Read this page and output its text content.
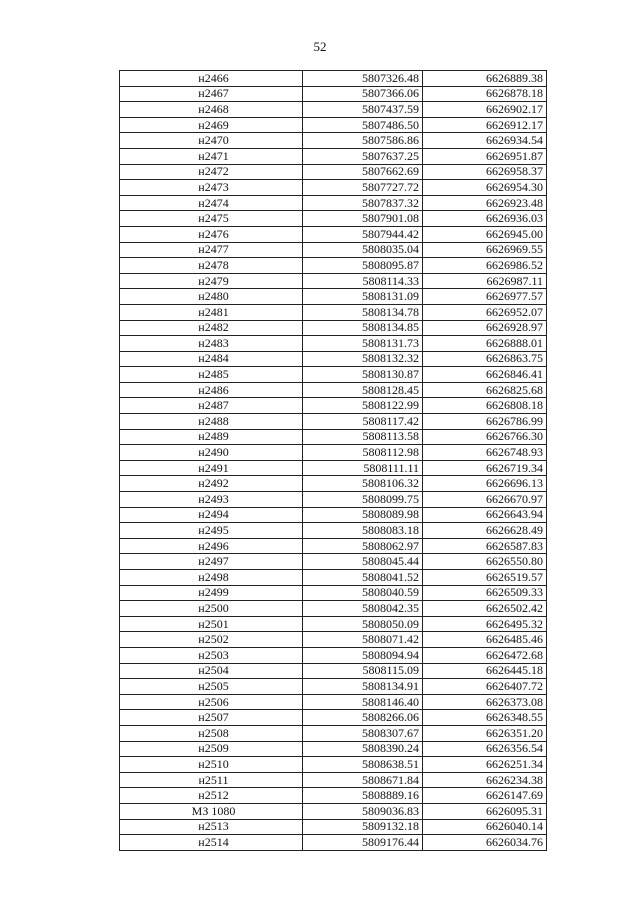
52
н2466	5807326.48	6626889.38
н2467	5807366.06	6626878.18
н2468	5807437.59	6626902.17
н2469	5807486.50	6626912.17
н2470	5807586.86	6626934.54
н2471	5807637.25	6626951.87
н2472	5807662.69	6626958.37
н2473	5807727.72	6626954.30
н2474	5807837.32	6626923.48
н2475	5807901.08	6626936.03
н2476	5807944.42	6626945.00
н2477	5808035.04	6626969.55
н2478	5808095.87	6626986.52
н2479	5808114.33	6626987.11
н2480	5808131.09	6626977.57
н2481	5808134.78	6626952.07
н2482	5808134.85	6626928.97
н2483	5808131.73	6626888.01
н2484	5808132.32	6626863.75
н2485	5808130.87	6626846.41
н2486	5808128.45	6626825.68
н2487	5808122.99	6626808.18
н2488	5808117.42	6626786.99
н2489	5808113.58	6626766.30
н2490	5808112.98	6626748.93
н2491	5808111.11	6626719.34
н2492	5808106.32	6626696.13
н2493	5808099.75	6626670.97
н2494	5808089.98	6626643.94
н2495	5808083.18	6626628.49
н2496	5808062.97	6626587.83
н2497	5808045.44	6626550.80
н2498	5808041.52	6626519.57
н2499	5808040.59	6626509.33
н2500	5808042.35	6626502.42
н2501	5808050.09	6626495.32
н2502	5808071.42	6626485.46
н2503	5808094.94	6626472.68
н2504	5808115.09	6626445.18
н2505	5808134.91	6626407.72
н2506	5808146.40	6626373.08
н2507	5808266.06	6626348.55
н2508	5808307.67	6626351.20
н2509	5808390.24	6626356.54
н2510	5808638.51	6626251.34
н2511	5808671.84	6626234.38
н2512	5808889.16	6626147.69
МЗ 1080	5809036.83	6626095.31
н2513	5809132.18	6626040.14
н2514	5809176.44	6626034.76
